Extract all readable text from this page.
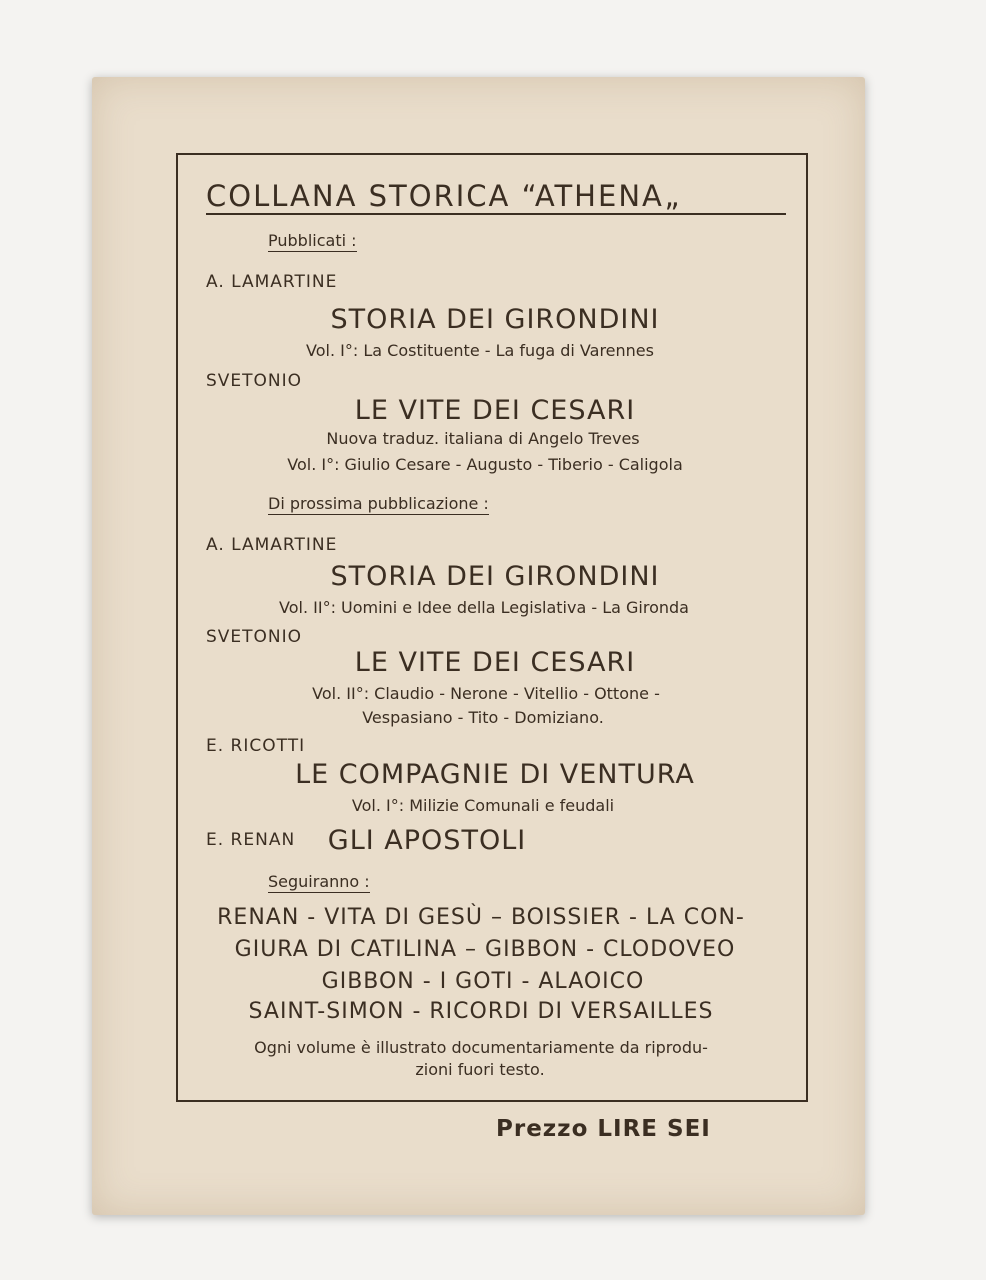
COLLANA STORICA “ATHENA„
Pubblicati :
A. LAMARTINE
STORIA DEI GIRONDINI
Vol. I°: La Costituente - La fuga di Varennes
SVETONIO
LE VITE DEI CESARI
Nuova traduz. italiana di Angelo Treves
Vol. I°: Giulio Cesare - Augusto - Tiberio - Caligola
Di prossima pubblicazione :
A. LAMARTINE
STORIA DEI GIRONDINI
Vol. II°: Uomini e Idee della Legislativa - La Gironda
SVETONIO
LE VITE DEI CESARI
Vol. II°: Claudio - Nerone - Vitellio - Ottone -
Vespasiano - Tito - Domiziano.
E. RICOTTI
LE COMPAGNIE DI VENTURA
Vol. I°: Milizie Comunali e feudali
E. RENAN GLI APOSTOLI
Seguiranno :
RENAN - VITA DI GESÙ – BOISSIER - LA CON-
GIURA DI CATILINA – GIBBON - CLODOVEO
GIBBON - I GOTI - ALAOICO
SAINT-SIMON - RICORDI DI VERSAILLES
Ogni volume è illustrato documentariamente da riprodu-
zioni fuori testo.
Prezzo LIRE SEI
